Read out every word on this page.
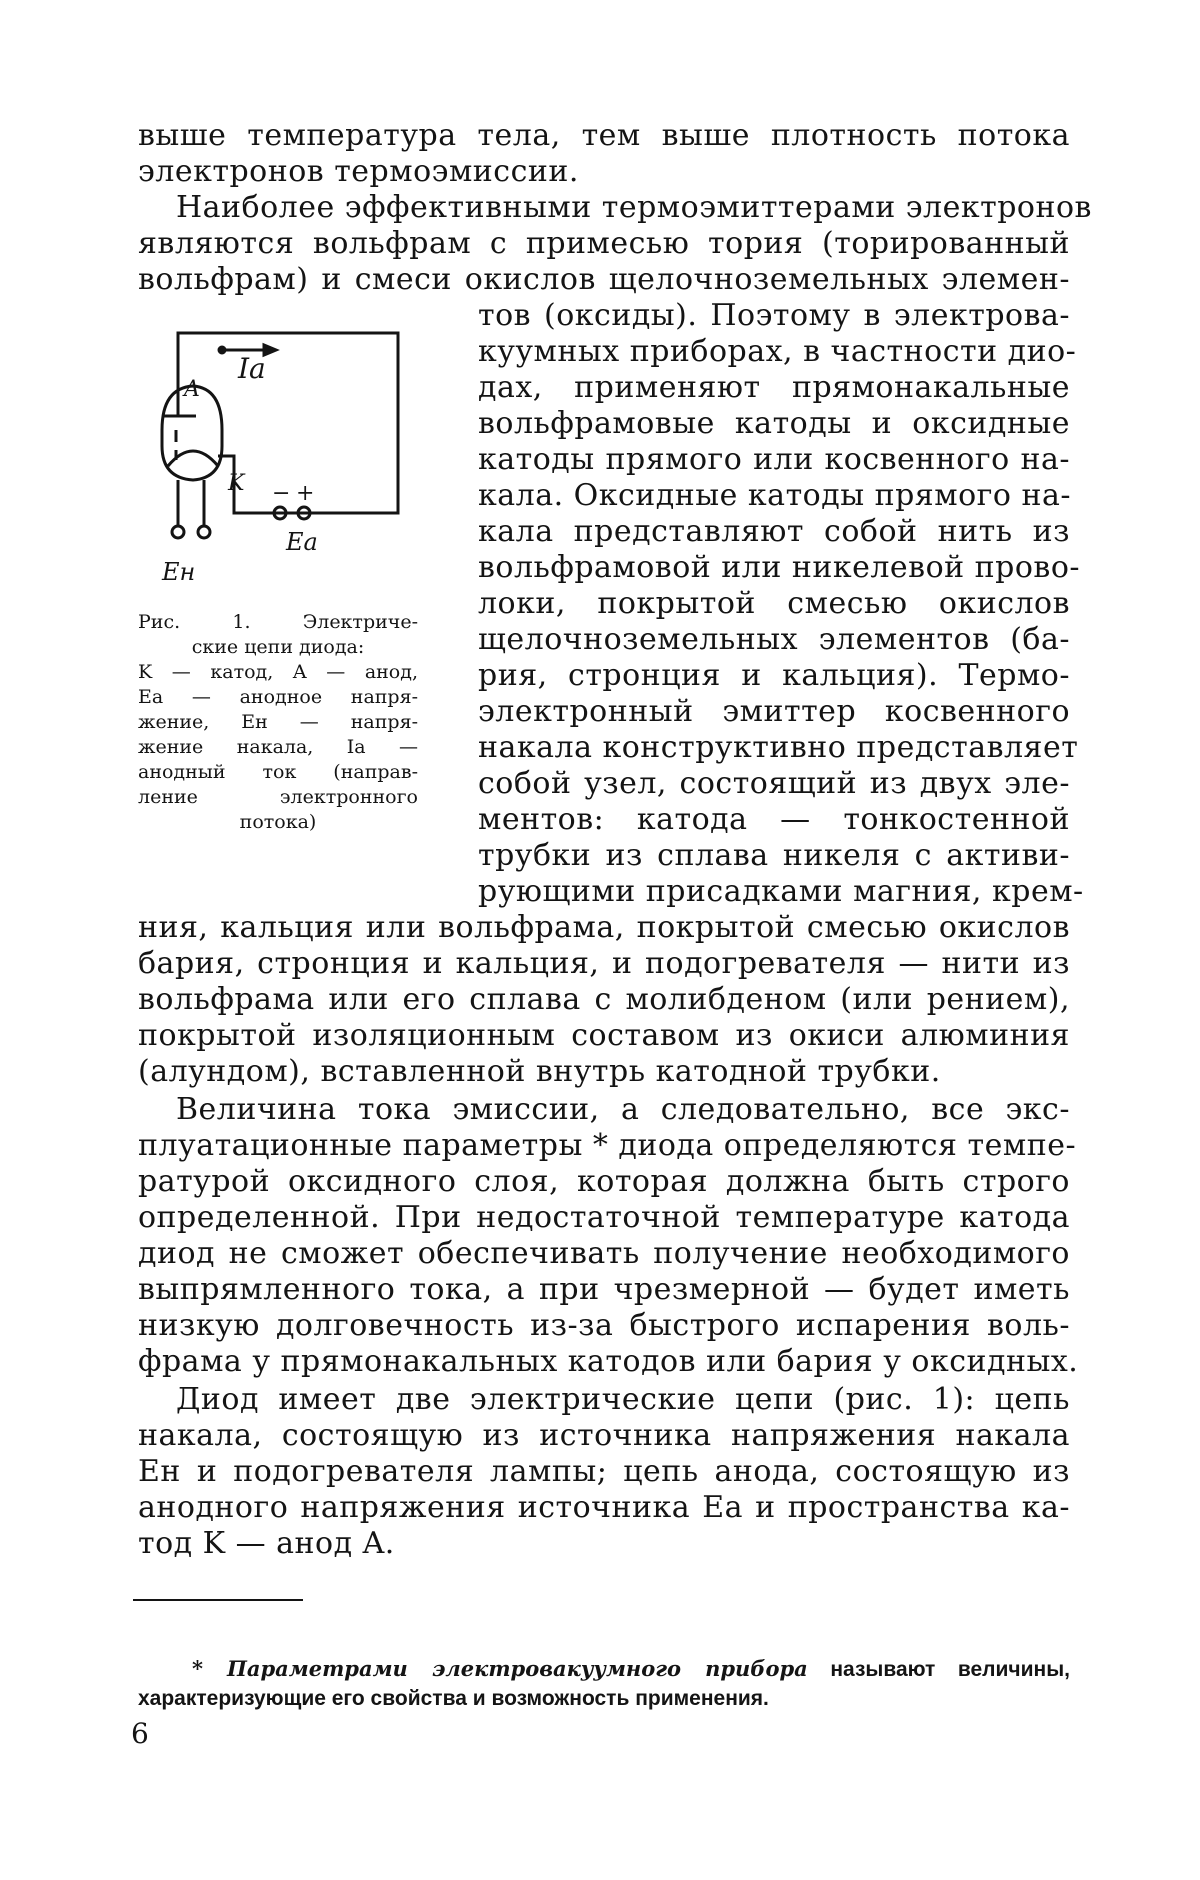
выше температура тела, тем выше плотность потока
электронов термоэмиссии.
Наиболее эффективными термоэмиттерами электронов
являются вольфрам с примесью тория (торированный
вольфрам) и смеси окислов щелочноземельных элемен-
тов (оксиды). Поэтому в электрова-
куумных приборах, в частности дио-
дах, применяют прямонакальные
вольфрамовые катоды и оксидные
катоды прямого или косвенного на-
кала. Оксидные катоды прямого на-
кала представляют собой нить из
вольфрамовой или никелевой прово-
локи, покрытой смесью окислов
щелочноземельных элементов (ба-
рия, стронция и кальция). Термо-
электронный эмиттер косвенного
накала конструктивно представляет
собой узел, состоящий из двух эле-
ментов: катода — тонкостенной
трубки из сплава никеля с активи-
рующими присадками магния, крем-
A
K
Ia
Ea
Eн
− +
Рис. 1. Электриче-
ские цепи диода:
K — катод, A — анод,
Eа — анодное напря-
жение, Eн — напря-
жение накала, Iа —
анодный ток (направ-
ление электронного
потока)
ния, кальция или вольфрама, покрытой смесью окислов
бария, стронция и кальция, и подогревателя — нити из
вольфрама или его сплава с молибденом (или рением),
покрытой изоляционным составом из окиси алюминия
(алундом), вставленной внутрь катодной трубки.
Величина тока эмиссии, а следовательно, все экс-
плуатационные параметры * диода определяются темпе-
ратурой оксидного слоя, которая должна быть строго
определенной. При недостаточной температуре катода
диод не сможет обеспечивать получение необходимого
выпрямленного тока, а при чрезмерной — будет иметь
низкую долговечность из-за быстрого испарения воль-
фрама у прямонакальных катодов или бария у оксидных.
Диод имеет две электрические цепи (рис. 1): цепь
накала, состоящую из источника напряжения накала
Eн и подогревателя лампы; цепь анода, состоящую из
анодного напряжения источника Eа и пространства ка-
тод K — анод A.
* Параметрами электровакуумного прибора называют величины,
характеризующие его свойства и возможность применения.
6
